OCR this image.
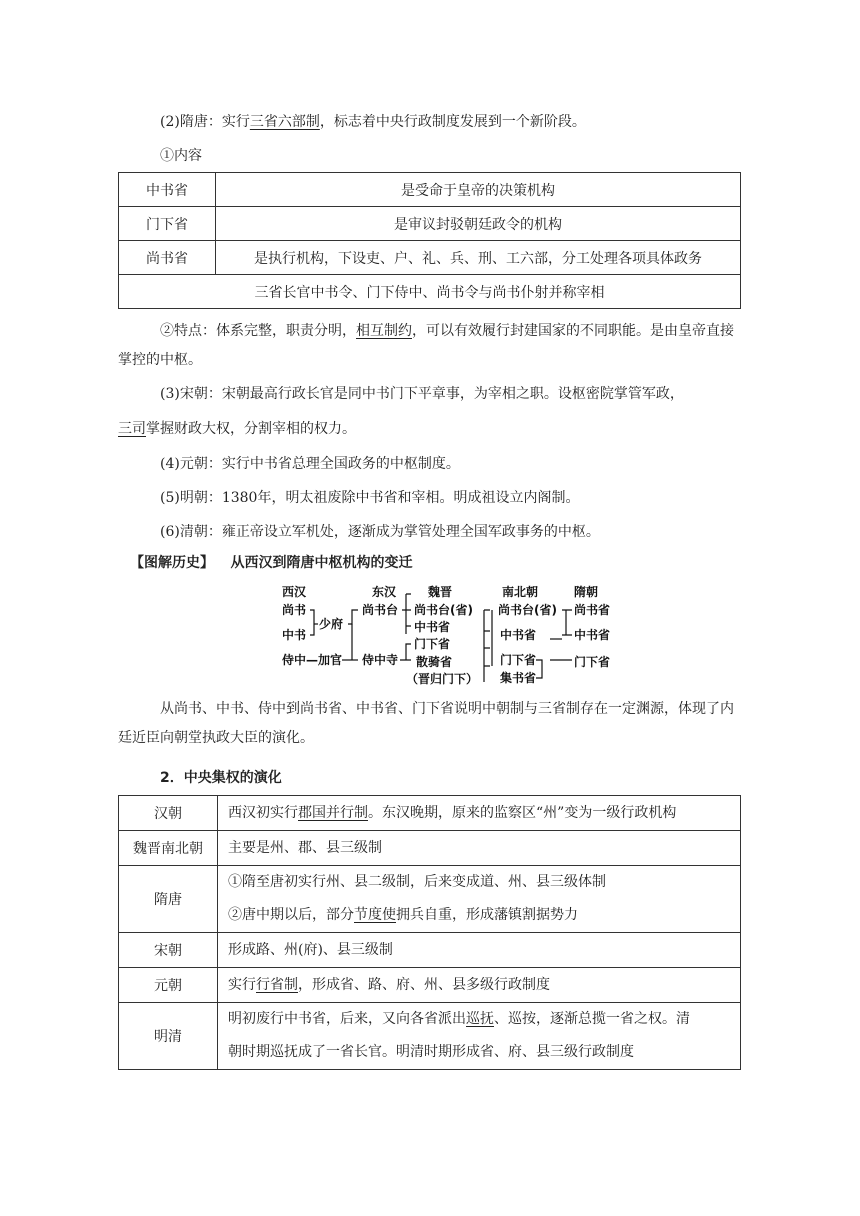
(2)隋唐：实行三省六部制，标志着中央行政制度发展到一个新阶段。
①内容
中书省	是受命于皇帝的决策机构
门下省	是审议封驳朝廷政令的机构
尚书省	是执行机构，下设吏、户、礼、兵、刑、工六部，分工处理各项具体政务
三省长官中书令、门下侍中、尚书令与尚书仆射并称宰相	
②特点：体系完整，职责分明，相互制约，可以有效履行封建国家的不同职能。是由皇帝直接掌控的中枢。
(3)宋朝：宋朝最高行政长官是同中书门下平章事，为宰相之职。设枢密院掌管军政，
三司掌握财政大权，分割宰相的权力。
(4)元朝：实行中书省总理全国政务的中枢制度。
(5)明朝：1380年，明太祖废除中书省和宰相。明成祖设立内阁制。
(6)清朝：雍正帝设立军机处，逐渐成为掌管处理全国军政事务的中枢。
【图解历史】 从西汉到隋唐中枢机构的变迁
西汉	东汉	魏晋	南北朝	隋朝
尚书
中书
侍中—加官
少府
尚书台
侍中寺
尚书台(省)
中书省
门下省
散骑省
（晋归门下）
尚书台(省)
中书省
门下省
集书省
尚书省
中书省
门下省
从尚书、中书、侍中到尚书省、中书省、门下省说明中朝制与三省制存在一定渊源，体现了内廷近臣向朝堂执政大臣的演化。
2．中央集权的演化
汉朝	西汉初实行郡国并行制。东汉晚期，原来的监察区“州”变为一级行政机构
魏晋南北朝	主要是州、郡、县三级制
隋唐	①隋至唐初实行州、县二级制，后来变成道、州、县三级体制
②唐中期以后，部分节度使拥兵自重，形成藩镇割据势力

宋朝	形成路、州(府)、县三级制
元朝	实行行省制，形成省、路、府、州、县多级行政制度
明清	明初废行中书省，后来，又向各省派出巡抚、巡按，逐渐总揽一省之权。清
朝时期巡抚成了一省长官。明清时期形成省、府、县三级行政制度
